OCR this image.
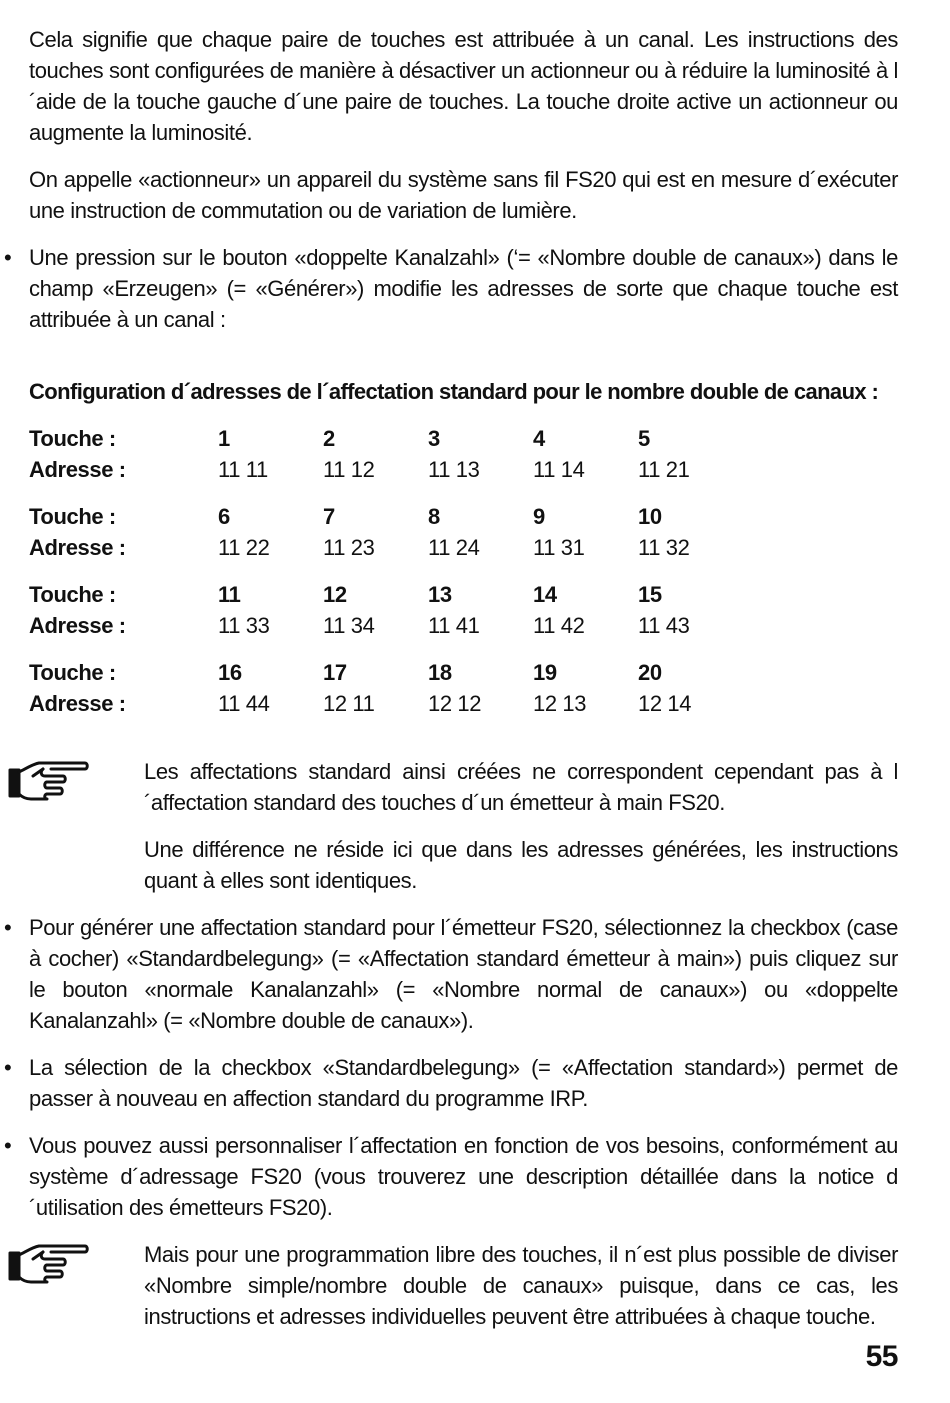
Cela signifie que chaque paire de touches est attribuée à un canal. Les instructions des touches sont configurées de manière à désactiver un actionneur ou à réduire la luminosité à l´aide de la touche gauche d´une paire de touches. La touche droite active un actionneur ou augmente la luminosité.

On appelle «actionneur» un appareil du système sans fil FS20 qui est en mesure d´exécuter une instruction de commutation ou de variation de lumière.

• Une pression sur le bouton «doppelte Kanalzahl» (‘= «Nombre double de canaux») dans le champ «Erzeugen» (= «Générer») modifie les adresses de sorte que chaque touche est attribuée à un canal :

Configuration d´adresses de l´affectation standard pour le nombre double de canaux :

Touche :	1	2	3	4	5
Adresse :	11 11	11 12	11 13	11 14	11 21

Touche :	6	7	8	9	10
Adresse :	11 22	11 23	11 24	11 31	11 32

Touche :	11	12	13	14	15
Adresse :	11 33	11 34	11 41	11 42	11 43

Touche :	16	17	18	19	20
Adresse :	11 44	12 11	12 12	12 13	12 14

Les affectations standard ainsi créées ne correspondent cependant pas à l´affectation standard des touches d´un émetteur à main FS20.

Une différence ne réside ici que dans les adresses générées, les instructions quant à elles sont identiques.

• Pour générer une affectation standard pour l´émetteur FS20, sélectionnez la checkbox (case à cocher) «Standardbelegung» (= «Affectation standard émetteur à main») puis cliquez sur le bouton «normale Kanalanzahl» (= «Nombre normal de canaux») ou «doppelte Kanalanzahl» (= «Nombre double de canaux»).

• La sélection de la checkbox «Standardbelegung» (= «Affectation standard») permet de passer à nouveau en affection standard du programme IRP.

• Vous pouvez aussi personnaliser l´affectation en fonction de vos besoins, conformément au système d´adressage FS20 (vous trouverez une description détaillée dans la notice d´utilisation des émetteurs FS20).

Mais pour une programmation libre des touches, il n´est plus possible de diviser «Nombre simple/nombre double de canaux» puisque, dans ce cas, les instructions et adresses individuelles peuvent être attribuées à chaque touche.

55
